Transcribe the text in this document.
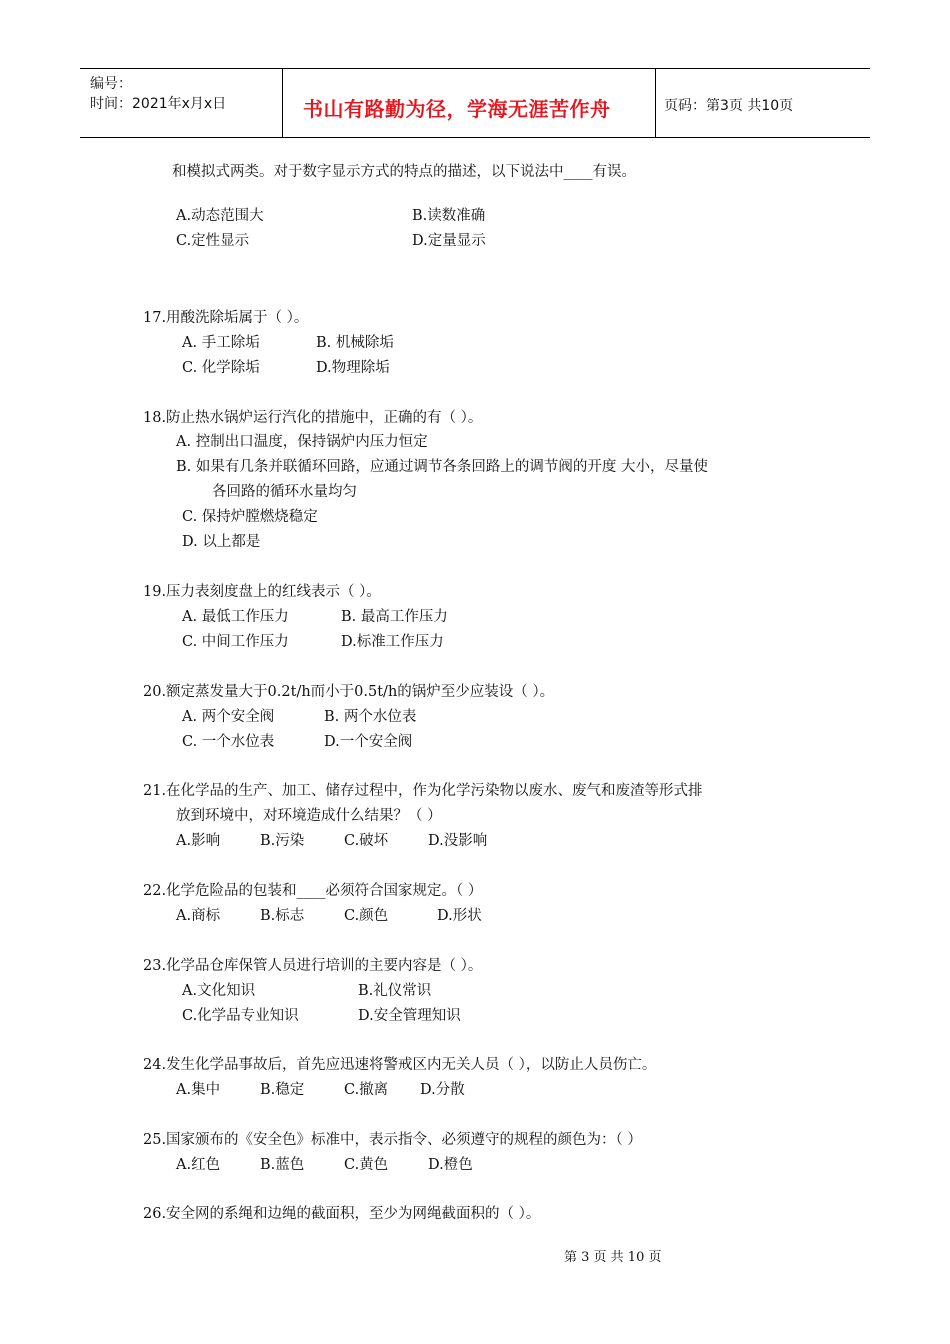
编号：
时间：2021年x月x日	书山有路勤为径，学海无涯苦作舟	页码：第3页 共10页
和模拟式两类。对于数字显示方式的特点的描述，以下说法中____有误。
A.动态范围大	B.读数准确
C.定性显示	D.定量显示
17.用酸洗除垢属于（ ）。
A. 手工除垢	B. 机械除垢
C. 化学除垢	D.物理除垢
18.防止热水锅炉运行汽化的措施中，正确的有（ ）。
A. 控制出口温度，保持锅炉内压力恒定
B. 如果有几条并联循环回路，应通过调节各条回路上的调节阀的开度 大小，尽量使
各回路的循环水量均匀
C. 保持炉膛燃烧稳定
D. 以上都是
19.压力表刻度盘上的红线表示（ ）。
A. 最低工作压力	B. 最高工作压力
C. 中间工作压力	D.标准工作压力
20.额定蒸发量大于0.2t/h而小于0.5t/h的锅炉至少应装设（ ）。
A. 两个安全阀	B. 两个水位表
C. 一个水位表	D.一个安全阀
21.在化学品的生产、加工、储存过程中，作为化学污染物以废水、废气和废渣等形式排
放到环境中，对环境造成什么结果？（ ）
A.影响	B.污染	C.破坏	D.没影响
22.化学危险品的包装和____必须符合国家规定。（ ）
A.商标	B.标志	C.颜色	D.形状
23.化学品仓库保管人员进行培训的主要内容是（ ）。
A.文化知识	B.礼仪常识
C.化学品专业知识	D.安全管理知识
24.发生化学品事故后，首先应迅速将警戒区内无关人员（ ），以防止人员伤亡。
A.集中	B.稳定	C.撤离 D.分散
25.国家颁布的《安全色》标准中，表示指令、必须遵守的规程的颜色为：（ ）
A.红色	B.蓝色	C.黄色	D.橙色
26.安全网的系绳和边绳的截面积，至少为网绳截面积的（ ）。
第 3 页 共 10 页
